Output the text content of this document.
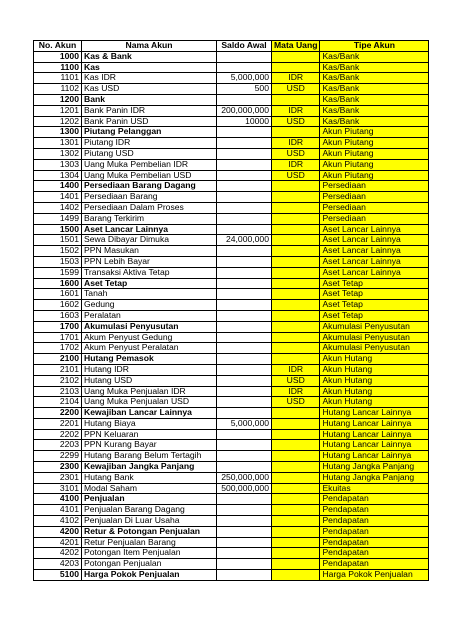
No. Akun	Nama Akun	Saldo Awal	Mata Uang	Tipe Akun
1000	Kas & Bank			Kas/Bank
1100	Kas			Kas/Bank
1101	Kas IDR	5,000,000	IDR	Kas/Bank
1102	Kas USD	500	USD	Kas/Bank
1200	Bank			Kas/Bank
1201	Bank Panin IDR	200,000,000	IDR	Kas/Bank
1202	Bank Panin USD	10000	USD	Kas/Bank
1300	Piutang Pelanggan			Akun Piutang
1301	Piutang IDR		IDR	Akun Piutang
1302	Piutang USD		USD	Akun Piutang
1303	Uang Muka Pembelian IDR		IDR	Akun Piutang
1304	Uang Muka Pembelian USD		USD	Akun Piutang
1400	Persediaan Barang Dagang			Persediaan
1401	Persediaan Barang			Persediaan
1402	Persediaan Dalam Proses			Persediaan
1499	Barang Terkirim			Persediaan
1500	Aset Lancar Lainnya			Aset Lancar Lainnya
1501	Sewa Dibayar Dimuka	24,000,000		Aset Lancar Lainnya
1502	PPN Masukan			Aset Lancar Lainnya
1503	PPN Lebih Bayar			Aset Lancar Lainnya
1599	Transaksi Aktiva Tetap			Aset Lancar Lainnya
1600	Aset Tetap			Aset Tetap
1601	Tanah			Aset Tetap
1602	Gedung			Aset Tetap
1603	Peralatan			Aset Tetap
1700	Akumulasi Penyusutan			Akumulasi Penyusutan
1701	Akum Penyust Gedung			Akumulasi Penyusutan
1702	Akum Penyust Peralatan			Akumulasi Penyusutan
2100	Hutang Pemasok			Akun Hutang
2101	Hutang IDR		IDR	Akun Hutang
2102	Hutang USD		USD	Akun Hutang
2103	Uang Muka Penjualan IDR		IDR	Akun Hutang
2104	Uang Muka Penjualan USD		USD	Akun Hutang
2200	Kewajiban Lancar Lainnya			Hutang Lancar Lainnya
2201	Hutang Biaya	5,000,000		Hutang Lancar Lainnya
2202	PPN Keluaran			Hutang Lancar Lainnya
2203	PPN Kurang Bayar			Hutang Lancar Lainnya
2299	Hutang Barang Belum Tertagih			Hutang Lancar Lainnya
2300	Kewajiban Jangka Panjang			Hutang Jangka Panjang
2301	Hutang Bank	250,000,000		Hutang Jangka Panjang
3101	Modal Saham	500,000,000		Ekuitas
4100	Penjualan			Pendapatan
4101	Penjualan Barang Dagang			Pendapatan
4102	Penjualan Di Luar Usaha			Pendapatan
4200	Retur & Potongan Penjualan			Pendapatan
4201	Retur Penjualan Barang			Pendapatan
4202	Potongan Item Penjualan			Pendapatan
4203	Potongan Penjualan			Pendapatan
5100	Harga Pokok Penjualan			Harga Pokok Penjualan
